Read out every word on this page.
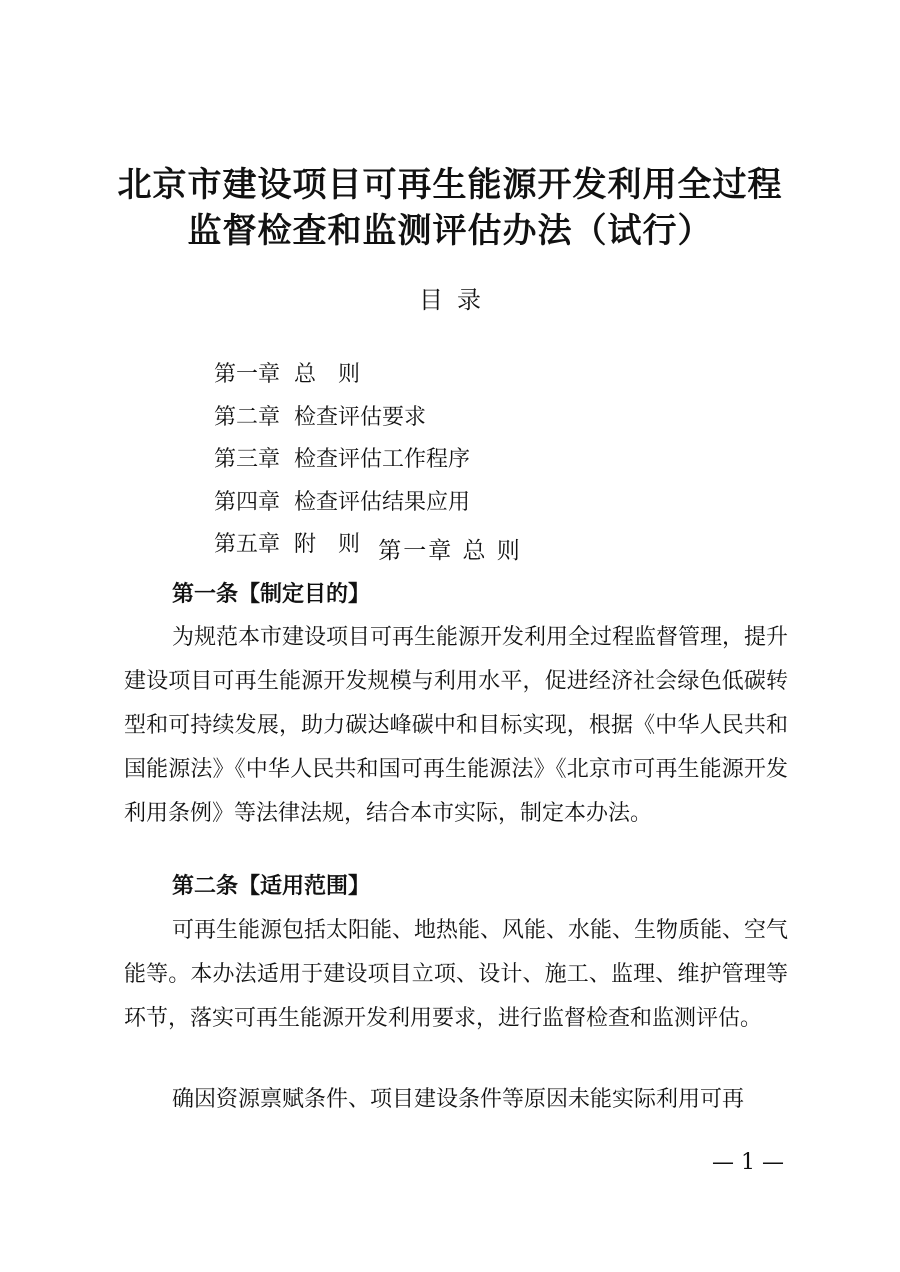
北京市建设项目可再生能源开发利用全过程
监督检查和监测评估办法（试行）
目录

第一章 总　则

第二章 检查评估要求

第三章 检查评估工作程序

第四章 检查评估结果应用

第五章 附　则
第一章 总 则
第一条【制定目的】

为规范本市建设项目可再生能源开发利用全过程监督管理，提升建设项目可再生能源开发规模与利用水平，促进经济社会绿色低碳转型和可持续发展，助力碳达峰碳中和目标实现，根据《中华人民共和国能源法》《中华人民共和国可再生能源法》《北京市可再生能源开发利用条例》等法律法规，结合本市实际，制定本办法。

第二条【适用范围】

可再生能源包括太阳能、地热能、风能、水能、生物质能、空气能等。本办法适用于建设项目立项、设计、施工、监理、维护管理等环节，落实可再生能源开发利用要求，进行监督检查和监测评估。

确因资源禀赋条件、项目建设条件等原因未能实际利用可再

— 1 —
